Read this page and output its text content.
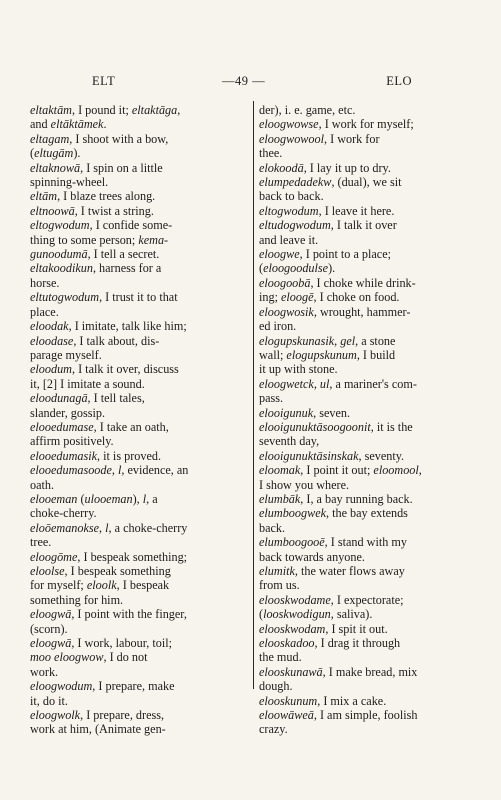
ELT	—49 —	ELO
eltaktām, I pound it; eltaktāga,
and eltāktāmek.
eltagam, I shoot with a bow,
(eltugām).
eltaknowā, I spin on a little
spinning-wheel.
eltām, I blaze trees along.
eltnoowā, I twist a string.
eltogwodum, I confide some-
thing to some person; kema-
gunoodumā, I tell a secret.
eltakoodikun, harness for a
horse.
eltutogwodum, I trust it to that
place.
eloodak, I imitate, talk like him;
eloodase, I talk about, dis-
parage myself.
eloodum, I talk it over, discuss
it, [2] I imitate a sound.
eloodunagā, I tell tales,
slander, gossip.
elooedumase, I take an oath,
affirm positively.
elooedumasik, it is proved.
elooedumasoode, l, evidence, an
oath.
elooeman (ulooeman), l, a
choke-cherry.
eloōemanokse, l, a choke-cherry
tree.
eloogōme, I bespeak something;
eloolse, I bespeak something
for myself; eloolk, I bespeak
something for him.
eloogwā, I point with the finger,
(scorn).
eloogwā, I work, labour, toil;
moo eloogwow, I do not
work.
eloogwodum, I prepare, make
it, do it.
eloogwolk, I prepare, dress,
work at him, (Animate gen-
der), i. e. game, etc.
eloogwowse, I work for myself;
eloogwowool, I work for
thee.
elokoodā, I lay it up to dry.
elumpedadekw, (dual), we sit
back to back.
eltogwodum, I leave it here.
eltudogwodum, I talk it over
and leave it.
eloogwe, I point to a place;
(eloogoodulse).
eloogoobā, I choke while drink-
ing; eloogē, I choke on food.
eloogwosik, wrought, hammer-
ed iron.
elogupskunasik, gel, a stone
wall; elogupskunum, I build
it up with stone.
eloogwetck, ul, a mariner's com-
pass.
elooigunuk, seven.
elooigunuktāsoogoonit, it is the
seventh day,
elooigunuktāsinskak, seventy.
eloomak, I point it out; eloomool,
I show you where.
elumbāk, I, a bay running back.
elumboogwek, the bay extends
back.
elumboogooē, I stand with my
back towards anyone.
elumitk, the water flows away
from us.
elooskwodame, I expectorate;
(looskwodigun, saliva).
elooskwodam, I spit it out.
elooskadoo, I drag it through
the mud.
elooskunawā, I make bread, mix
dough.
elooskunum, I mix a cake.
eloowāweā, I am simple, foolish
crazy.
